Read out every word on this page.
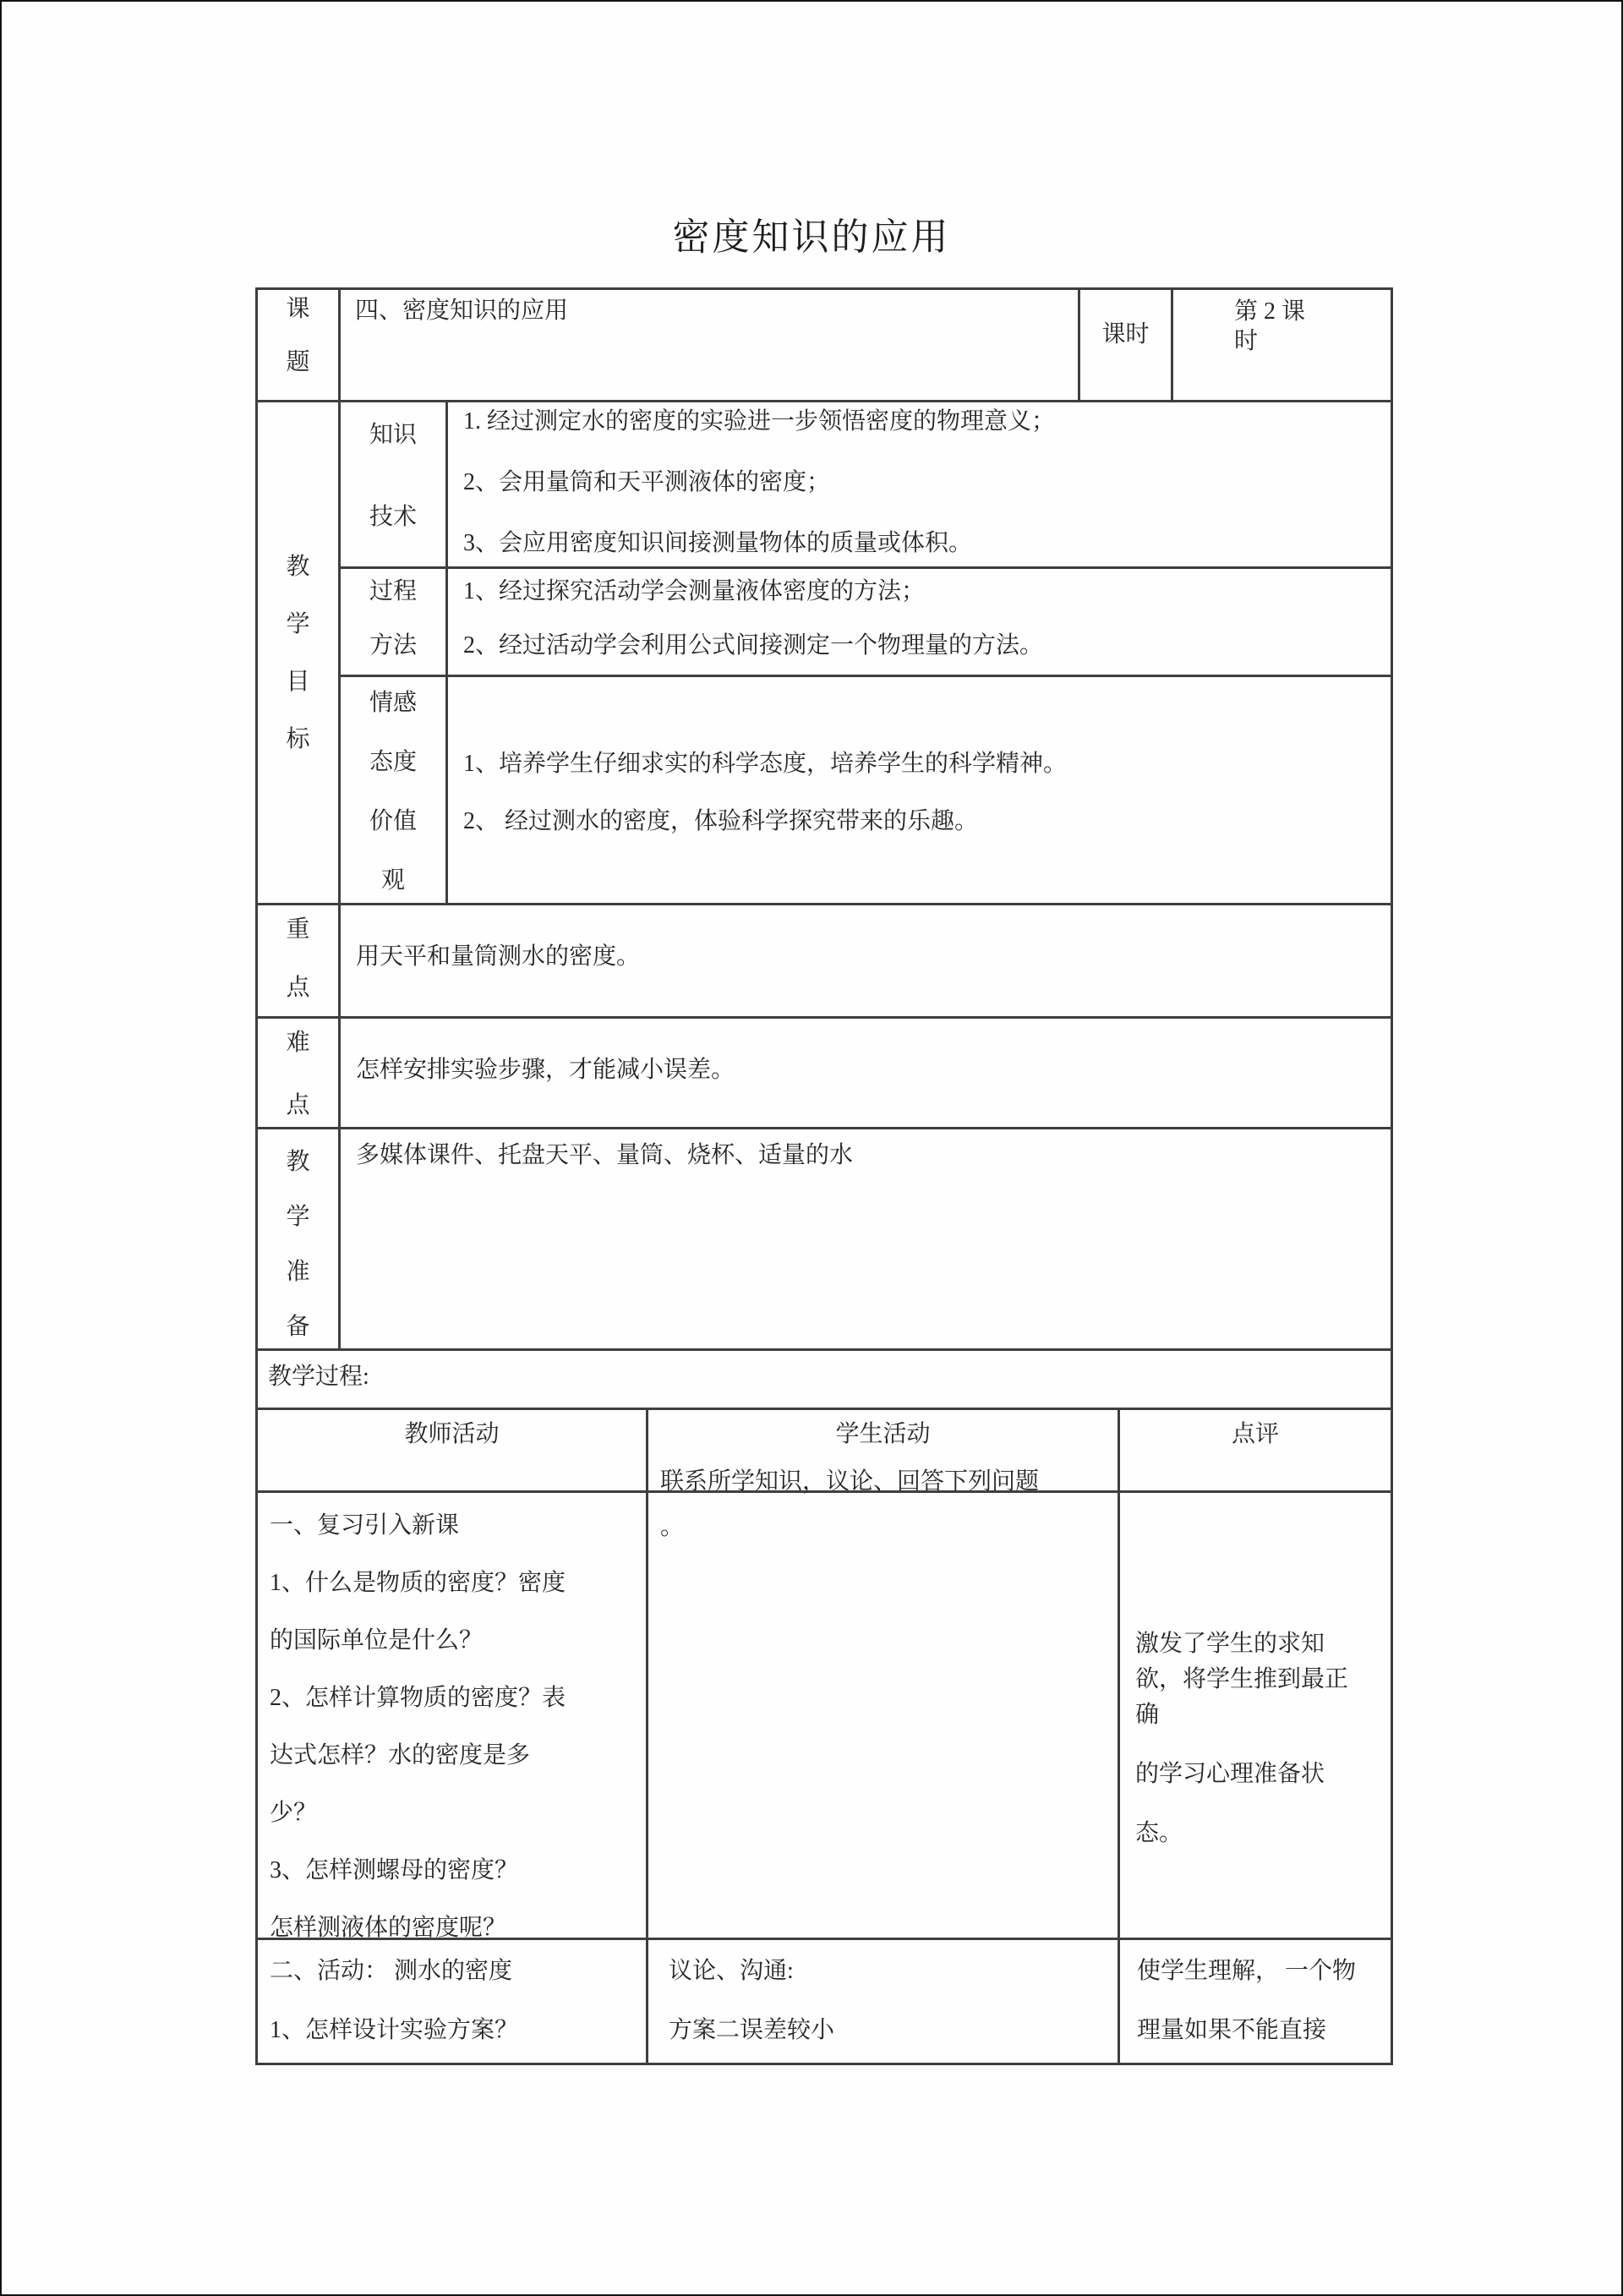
密度知识的应用
课
题
四、密度知识的应用
课时
第 2 课
时
教
学
目
标
知识
技术

1. 经过测定水的密度的实验进一步领悟密度的物理意义；

2、会用量筒和天平测液体的密度；

3、会应用密度知识间接测量物体的质量或体积。

过程
方法

1、经过探究活动学会测量液体密度的方法；

2、经过活动学会利用公式间接测定一个物理量的方法。

情感
态度
价值
观

1、培养学生仔细求实的科学态度，培养学生的科学精神。

2、 经过测水的密度，体验科学探究带来的乐趣。

重
点

用天平和量筒测水的密度。

难
点

怎样安排实验步骤，才能减小误差。

教
学
准
备

多媒体课件、托盘天平、量筒、烧杯、适量的水

教学过程:
教师活动	学生活动
联系所学知识，议论、回答下列问题
。
点评

一、复习引入新课

1、什么是物质的密度？密度

的国际单位是什么？

2、怎样计算物质的密度？表

达式怎样？水的密度是多

少？

3、怎样测螺母的密度？

怎样测液体的密度呢？

激发了学生的求知

欲，将学生推到最正

确

的学习心理准备状

态。

二、活动： 测水的密度

1、怎样设计实验方案？

议论、沟通:

方案二误差较小

使学生理解， 一个物

理量如果不能直接
